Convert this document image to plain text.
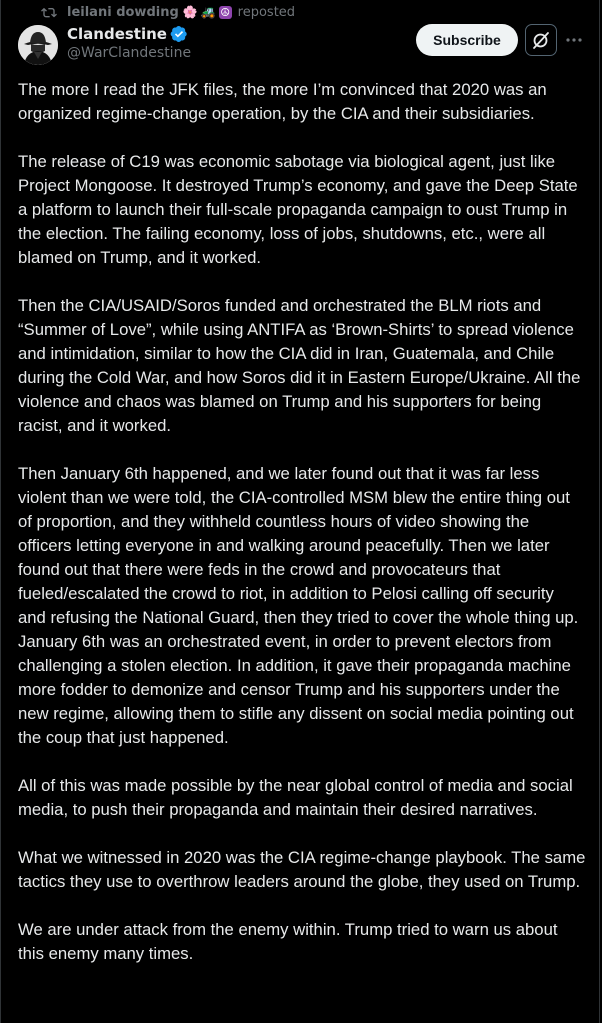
leilani dowding 🌸 🚜 ☮ reposted
Clandestine
@WarClandestine
Subscribe

The more I read the JFK files, the more I’m convinced that 2020 was an organized regime-change operation, by the CIA and their subsidiaries.

The release of C19 was economic sabotage via biological agent, just like Project Mongoose. It destroyed Trump’s economy, and gave the Deep State a platform to launch their full-scale propaganda campaign to oust Trump in the election. The failing economy, loss of jobs, shutdowns, etc., were all blamed on Trump, and it worked.

Then the CIA/USAID/Soros funded and orchestrated the BLM riots and “Summer of Love”, while using ANTIFA as ‘Brown-Shirts’ to spread violence and intimidation, similar to how the CIA did in Iran, Guatemala, and Chile during the Cold War, and how Soros did it in Eastern Europe/Ukraine. All the violence and chaos was blamed on Trump and his supporters for being racist, and it worked.

Then January 6th happened, and we later found out that it was far less violent than we were told, the CIA-controlled MSM blew the entire thing out of proportion, and they withheld countless hours of video showing the officers letting everyone in and walking around peacefully. Then we later found out that there were feds in the crowd and provocateurs that fueled/escalated the crowd to riot, in addition to Pelosi calling off security and refusing the National Guard, then they tried to cover the whole thing up. January 6th was an orchestrated event, in order to prevent electors from challenging a stolen election. In addition, it gave their propaganda machine more fodder to demonize and censor Trump and his supporters under the new regime, allowing them to stifle any dissent on social media pointing out the coup that just happened.

All of this was made possible by the near global control of media and social media, to push their propaganda and maintain their desired narratives.

What we witnessed in 2020 was the CIA regime-change playbook. The same tactics they use to overthrow leaders around the globe, they used on Trump.

We are under attack from the enemy within. Trump tried to warn us about this enemy many times.
